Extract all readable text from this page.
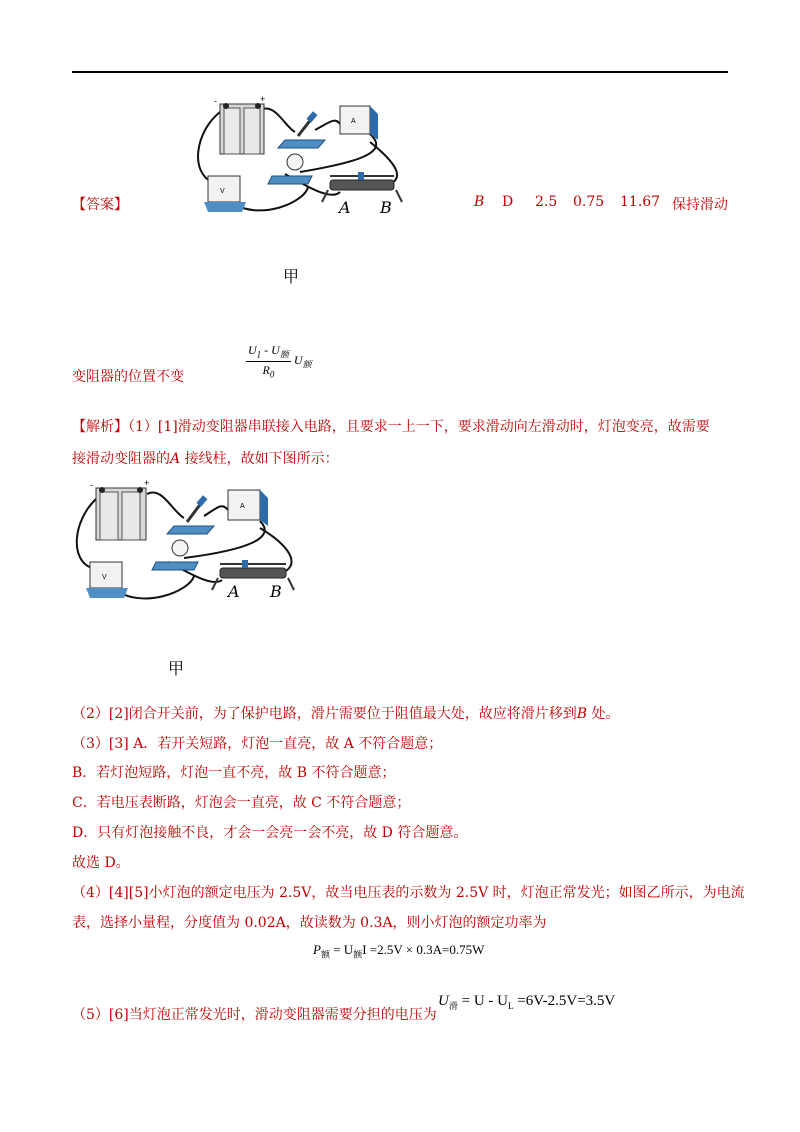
【答案】
-	+
A
V
A B	B D 2.5 0.75 11.67 保持滑动
甲
变阻器的位置不变	$\frac{U_1 - U_额}{R_0} U_额$
【解析】（1）[1]滑动变阻器串联接入电路，且要求一上一下，要求滑动向左滑动时，灯泡变亮，故需要
接滑动变阻器的A 接线柱，故如下图所示：
-	+
A
V
A B
甲
（2）[2]闭合开关前，为了保护电路，滑片需要位于阻值最大处，故应将滑片移到B 处。
（3）[3] A．若开关短路，灯泡一直亮，故 A 不符合题意；
B．若灯泡短路，灯泡一直不亮，故 B 不符合题意；
C．若电压表断路，灯泡会一直亮，故 C 不符合题意；
D．只有灯泡接触不良，才会一会亮一会不亮，故 D 符合题意。
故选 D。
（4）[4][5]小灯泡的额定电压为 2.5V，故当电压表的示数为 2.5V 时，灯泡正常发光；如图乙所示，为电流
表，选择小量程，分度值为 0.02A，故读数为 0.3A，则小灯泡的额定功率为
$P_额 = U_额I =2.5V \times 0.3A=0.75W$
（5）[6]当灯泡正常发光时，滑动变阻器需要分担的电压为
$U_滑 = U - U_L =6V-2.5V=3.5V$
